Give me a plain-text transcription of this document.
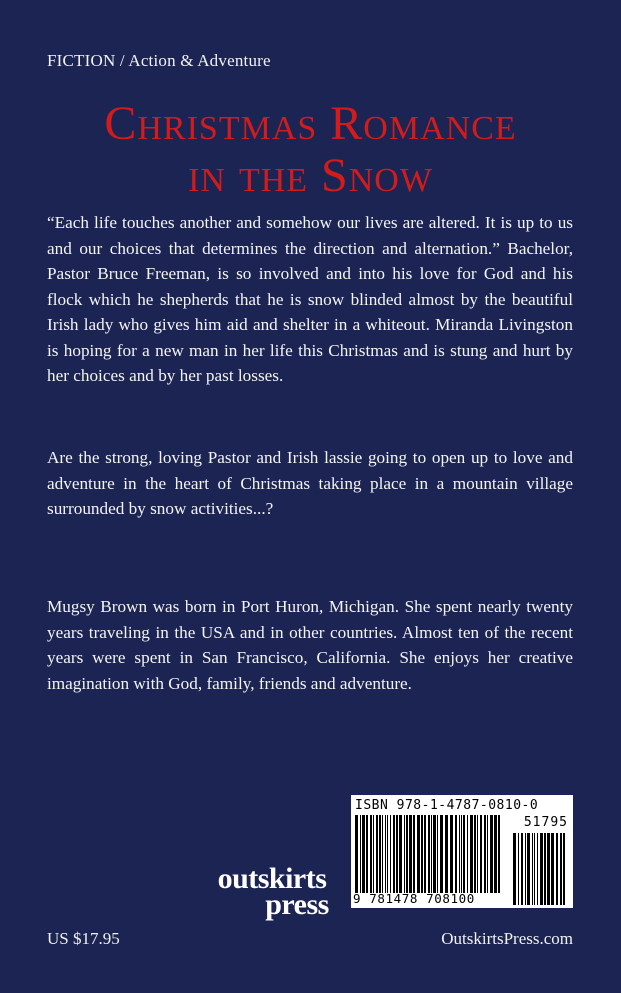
FICTION / Action & Adventure
Christmas Romance
in the Snow

“Each life touches another and somehow our lives are altered. It is up to us and our choices that determines the direction and alternation.” Bachelor, Pastor Bruce Freeman, is so involved and into his love for God and his flock which he shepherds that he is snow blinded almost by the beautiful Irish lady who gives him aid and shelter in a whiteout. Miranda Livingston is hoping for a new man in her life this Christmas and is stung and hurt by her choices and by her past losses.

Are the strong, loving Pastor and Irish lassie going to open up to love and adventure in the heart of Christmas taking place in a mountain village surrounded by snow activities...?

Mugsy Brown was born in Port Huron, Michigan. She spent nearly twenty years traveling in the USA and in other countries. Almost ten of the recent years were spent in San Francisco, California. She enjoys her creative imagination with God, family, friends and adventure.

ISBN 978-1-4787-0810-0
51795
9 781478 708100
outskirts
press
US $17.95	OutskirtsPress.com
